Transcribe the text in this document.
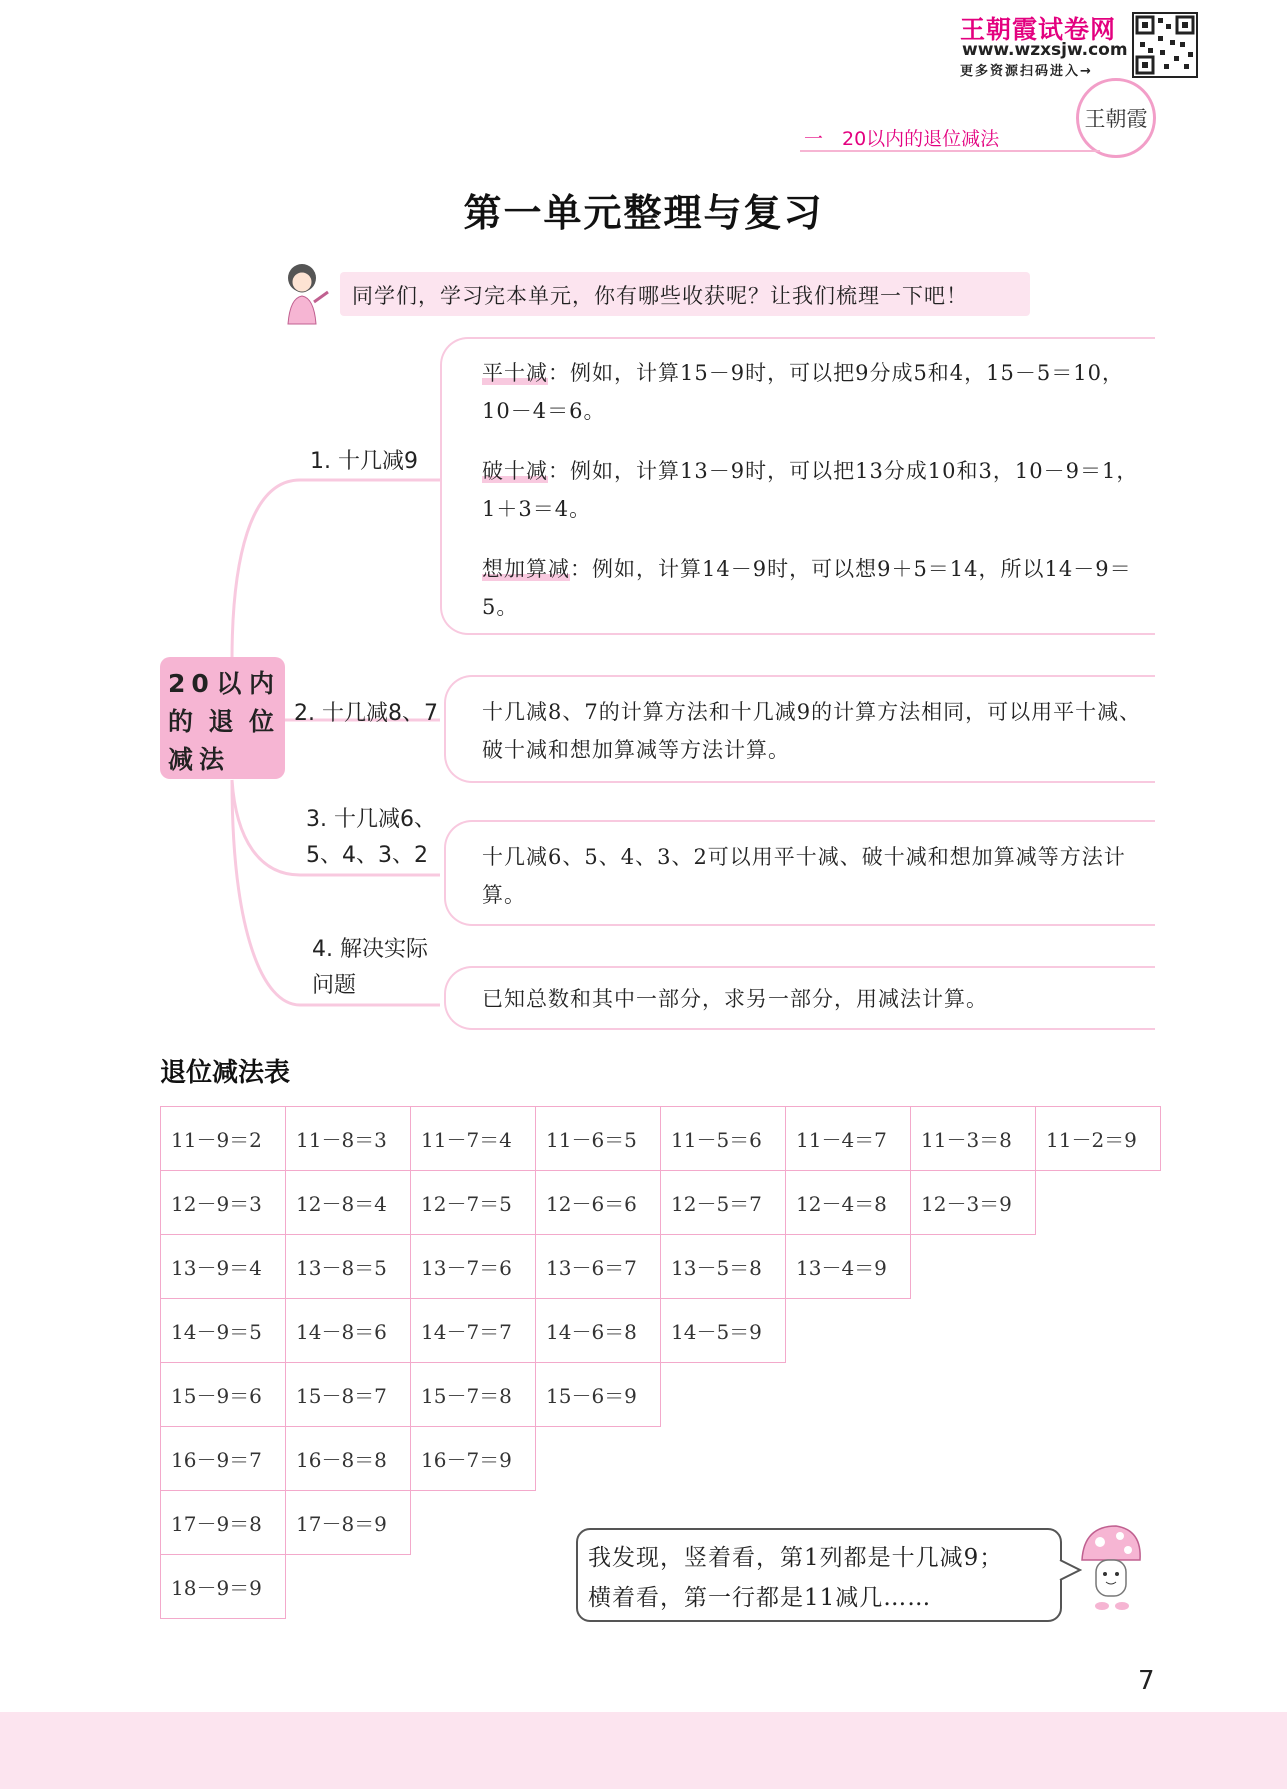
王朝霞试卷网
www.wzxsjw.com
更多资源扫码进入→
王朝霞
一　20以内的退位减法
第一单元整理与复习
同学们，学习完本单元，你有哪些收获呢？让我们梳理一下吧！
20以内的退位减法
1. 十几减9
平十减：例如，计算15－9时，可以把9分成5和4，15－5＝10，10－4＝6。
破十减：例如，计算13－9时，可以把13分成10和3，10－9＝1，1＋3＝4。
想加算减：例如，计算14－9时，可以想9＋5＝14，所以14－9＝5。
2. 十几减8、7 十几减8、7的计算方法和十几减9的计算方法相同，可以用平十减、破十减和想加算减等方法计算。
3. 十几减6、5、4、3、2	十几减6、5、4、3、2可以用平十减、破十减和想加算减等方法计算。
4. 解决实际问题
已知总数和其中一部分，求另一部分，用减法计算。
退位减法表
11－9＝2	11－8＝3	11－7＝4	11－6＝5	11－5＝6	11－4＝7	11－3＝8	11－2＝9
12－9＝3	12－8＝4	12－7＝5	12－6＝6	12－5＝7	12－4＝8	12－3＝9	
13－9＝4	13－8＝5	13－7＝6	13－6＝7	13－5＝8	13－4＝9		
14－9＝5	14－8＝6	14－7＝7	14－6＝8	14－5＝9			
15－9＝6	15－8＝7	15－7＝8	15－6＝9				
16－9＝7	16－8＝8	16－7＝9					
17－9＝8	17－8＝9						
18－9＝9							
我发现，竖着看，第1列都是十几减9；
横着看，第一行都是11减几……
7
